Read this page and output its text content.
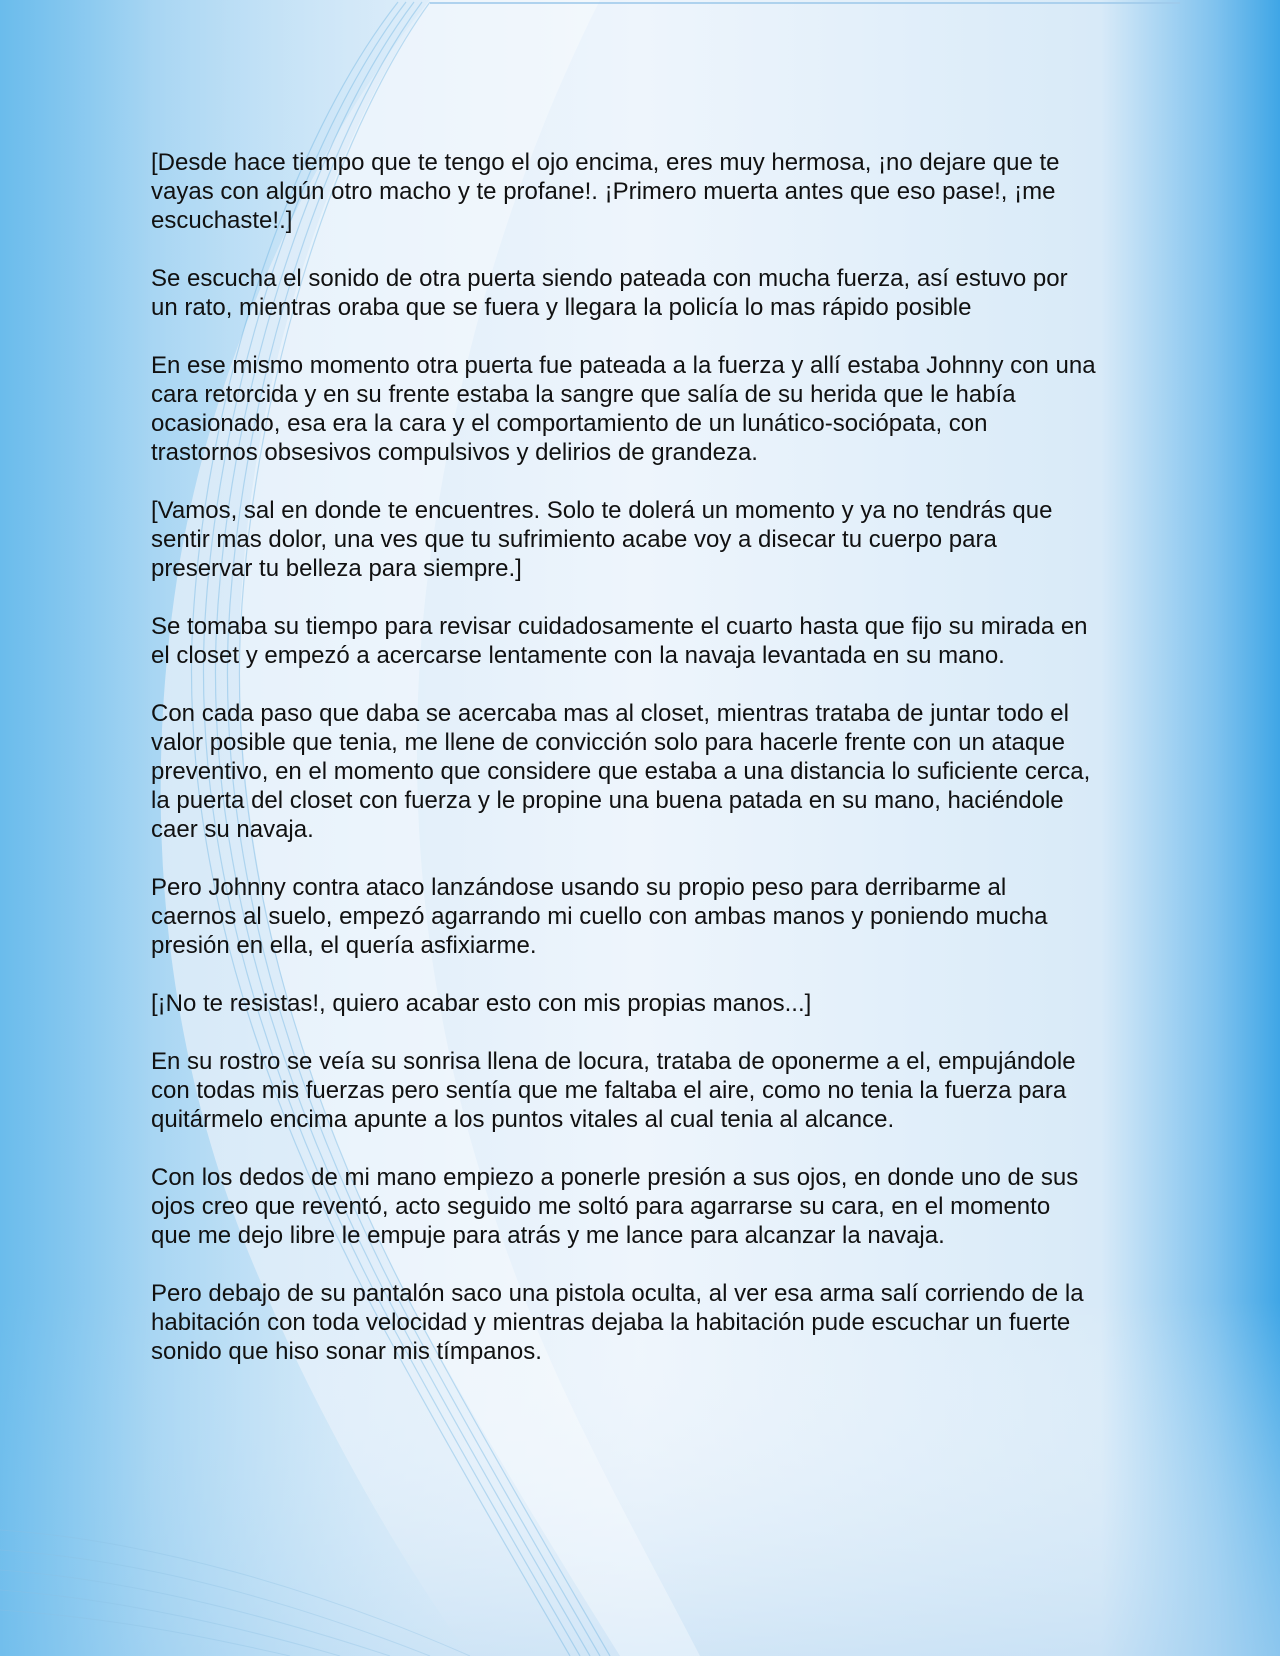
[Desde hace tiempo que te tengo el ojo encima, eres muy hermosa, ¡no dejare que te vayas con algún otro macho y te profane!. ¡Primero muerta antes que eso pase!, ¡me escuchaste!.]

Se escucha el sonido de otra puerta siendo pateada con mucha fuerza, así estuvo por un rato, mientras oraba que se fuera y llegara la policía lo mas rápido posible

En ese mismo momento otra puerta fue pateada a la fuerza y allí estaba Johnny con una cara retorcida y en su frente estaba la sangre que salía de su herida que le había ocasionado, esa era la cara y el comportamiento de un lunático-sociópata, con trastornos obsesivos compulsivos y delirios de grandeza.

[Vamos, sal en donde te encuentres. Solo te dolerá un momento y ya no tendrás que sentir mas dolor, una ves que tu sufrimiento acabe voy a disecar tu cuerpo para preservar tu belleza para siempre.]

Se tomaba su tiempo para revisar cuidadosamente el cuarto hasta que fijo su mirada en el closet y empezó a acercarse lentamente con la navaja levantada en su mano.

Con cada paso que daba se acercaba mas al closet, mientras trataba de juntar todo el valor posible que tenia, me llene de convicción solo para hacerle frente con un ataque preventivo, en el momento que considere que estaba a una distancia lo suficiente cerca, la puerta del closet con fuerza y le propine una buena patada en su mano, haciéndole caer su navaja.

Pero Johnny contra ataco lanzándose usando su propio peso para derribarme al caernos al suelo, empezó agarrando mi cuello con ambas manos y poniendo mucha presión en ella, el quería asfixiarme.

[¡No te resistas!, quiero acabar esto con mis propias manos...]

En su rostro se veía su sonrisa llena de locura, trataba de oponerme a el, empujándole con todas mis fuerzas pero sentía que me faltaba el aire, como no tenia la fuerza para quitármelo encima apunte a los puntos vitales al cual tenia al alcance.

Con los dedos de mi mano empiezo a ponerle presión a sus ojos, en donde uno de sus ojos creo que reventó, acto seguido me soltó para agarrarse su cara, en el momento que me dejo libre le empuje para atrás y me lance para alcanzar la navaja.

Pero debajo de su pantalón saco una pistola oculta, al ver esa arma salí corriendo de la habitación con toda velocidad y mientras dejaba la habitación pude escuchar un fuerte sonido que hiso sonar mis tímpanos.
